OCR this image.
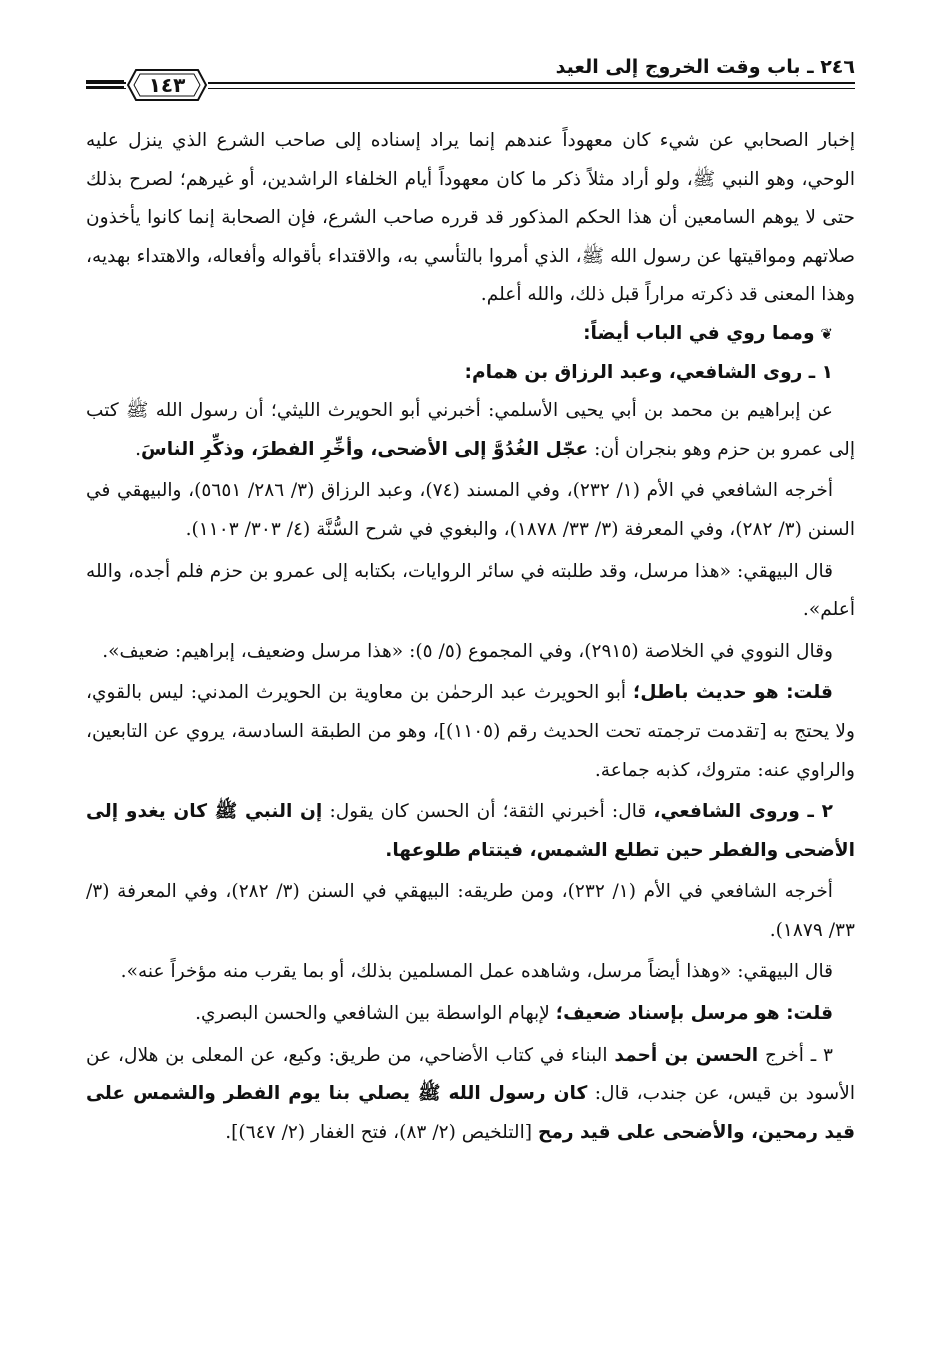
٢٤٦ ـ باب وقت الخروج إلى العيد
١٤٣

إخبار الصحابي عن شيء كان معهوداً عندهم إنما يراد إسناده إلى صاحب الشرع الذي ينزل عليه الوحي، وهو النبي ﷺ، ولو أراد مثلاً ذكر ما كان معهوداً أيام الخلفاء الراشدين، أو غيرهم؛ لصرح بذلك حتى لا يوهم السامعين أن هذا الحكم المذكور قد قرره صاحب الشرع، فإن الصحابة إنما كانوا يأخذون صلاتهم ومواقيتها عن رسول الله ﷺ، الذي أمروا بالتأسي به، والاقتداء بأقواله وأفعاله، والاهتداء بهديه، وهذا المعنى قد ذكرته مراراً قبل ذلك، والله أعلم.

❦ ومما روي في الباب أيضاً:

١ ـ روى الشافعي، وعبد الرزاق بن همام:

عن إبراهيم بن محمد بن أبي يحيى الأسلمي: أخبرني أبو الحويرث الليثي؛ أن رسول الله ﷺ كتب إلى عمرو بن حزم وهو بنجران أن: عجّل الغُدُوَّ إلى الأضحى، وأخِّرِ الفطرَ، وذكِّرِ الناسَ.

أخرجه الشافعي في الأم (١/ ٢٣٢)، وفي المسند (٧٤)، وعبد الرزاق (٣/ ٢٨٦/ ٥٦٥١)، والبيهقي في السنن (٣/ ٢٨٢)، وفي المعرفة (٣/ ٣٣/ ١٨٧٨)، والبغوي في شرح السُّنَّة (٤/ ٣٠٣/ ١١٠٣).

قال البيهقي: «هذا مرسل، وقد طلبته في سائر الروايات، بكتابه إلى عمرو بن حزم فلم أجده، والله أعلم».

وقال النووي في الخلاصة (٢٩١٥)، وفي المجموع (٥/ ٥): «هذا مرسل وضعيف، إبراهيم: ضعيف».

قلت: هو حديث باطل؛ أبو الحويرث عبد الرحمٰن بن معاوية بن الحويرث المدني: ليس بالقوي، ولا يحتج به [تقدمت ترجمته تحت الحديث رقم (١١٠٥)]، وهو من الطبقة السادسة، يروي عن التابعين، والراوي عنه: متروك، كذبه جماعة.

٢ ـ وروى الشافعي، قال: أخبرني الثقة؛ أن الحسن كان يقول: إن النبي ﷺ كان يغدو إلى الأضحى والفطر حين تطلع الشمس، فيتتام طلوعها.

أخرجه الشافعي في الأم (١/ ٢٣٢)، ومن طريقه: البيهقي في السنن (٣/ ٢٨٢)، وفي المعرفة (٣/ ٣٣/ ١٨٧٩).

قال البيهقي: «وهذا أيضاً مرسل، وشاهده عمل المسلمين بذلك، أو بما يقرب منه مؤخراً عنه».

قلت: هو مرسل بإسناد ضعيف؛ لإبهام الواسطة بين الشافعي والحسن البصري.

٣ ـ أخرج الحسن بن أحمد البناء في كتاب الأضاحي، من طريق: وكيع، عن المعلى بن هلال، عن الأسود بن قيس، عن جندب، قال: كان رسول الله ﷺ يصلي بنا يوم الفطر والشمس على قيد رمحين، والأضحى على قيد رمح [التلخيص (٢/ ٨٣)، فتح الغفار (٢/ ٦٤٧)].
